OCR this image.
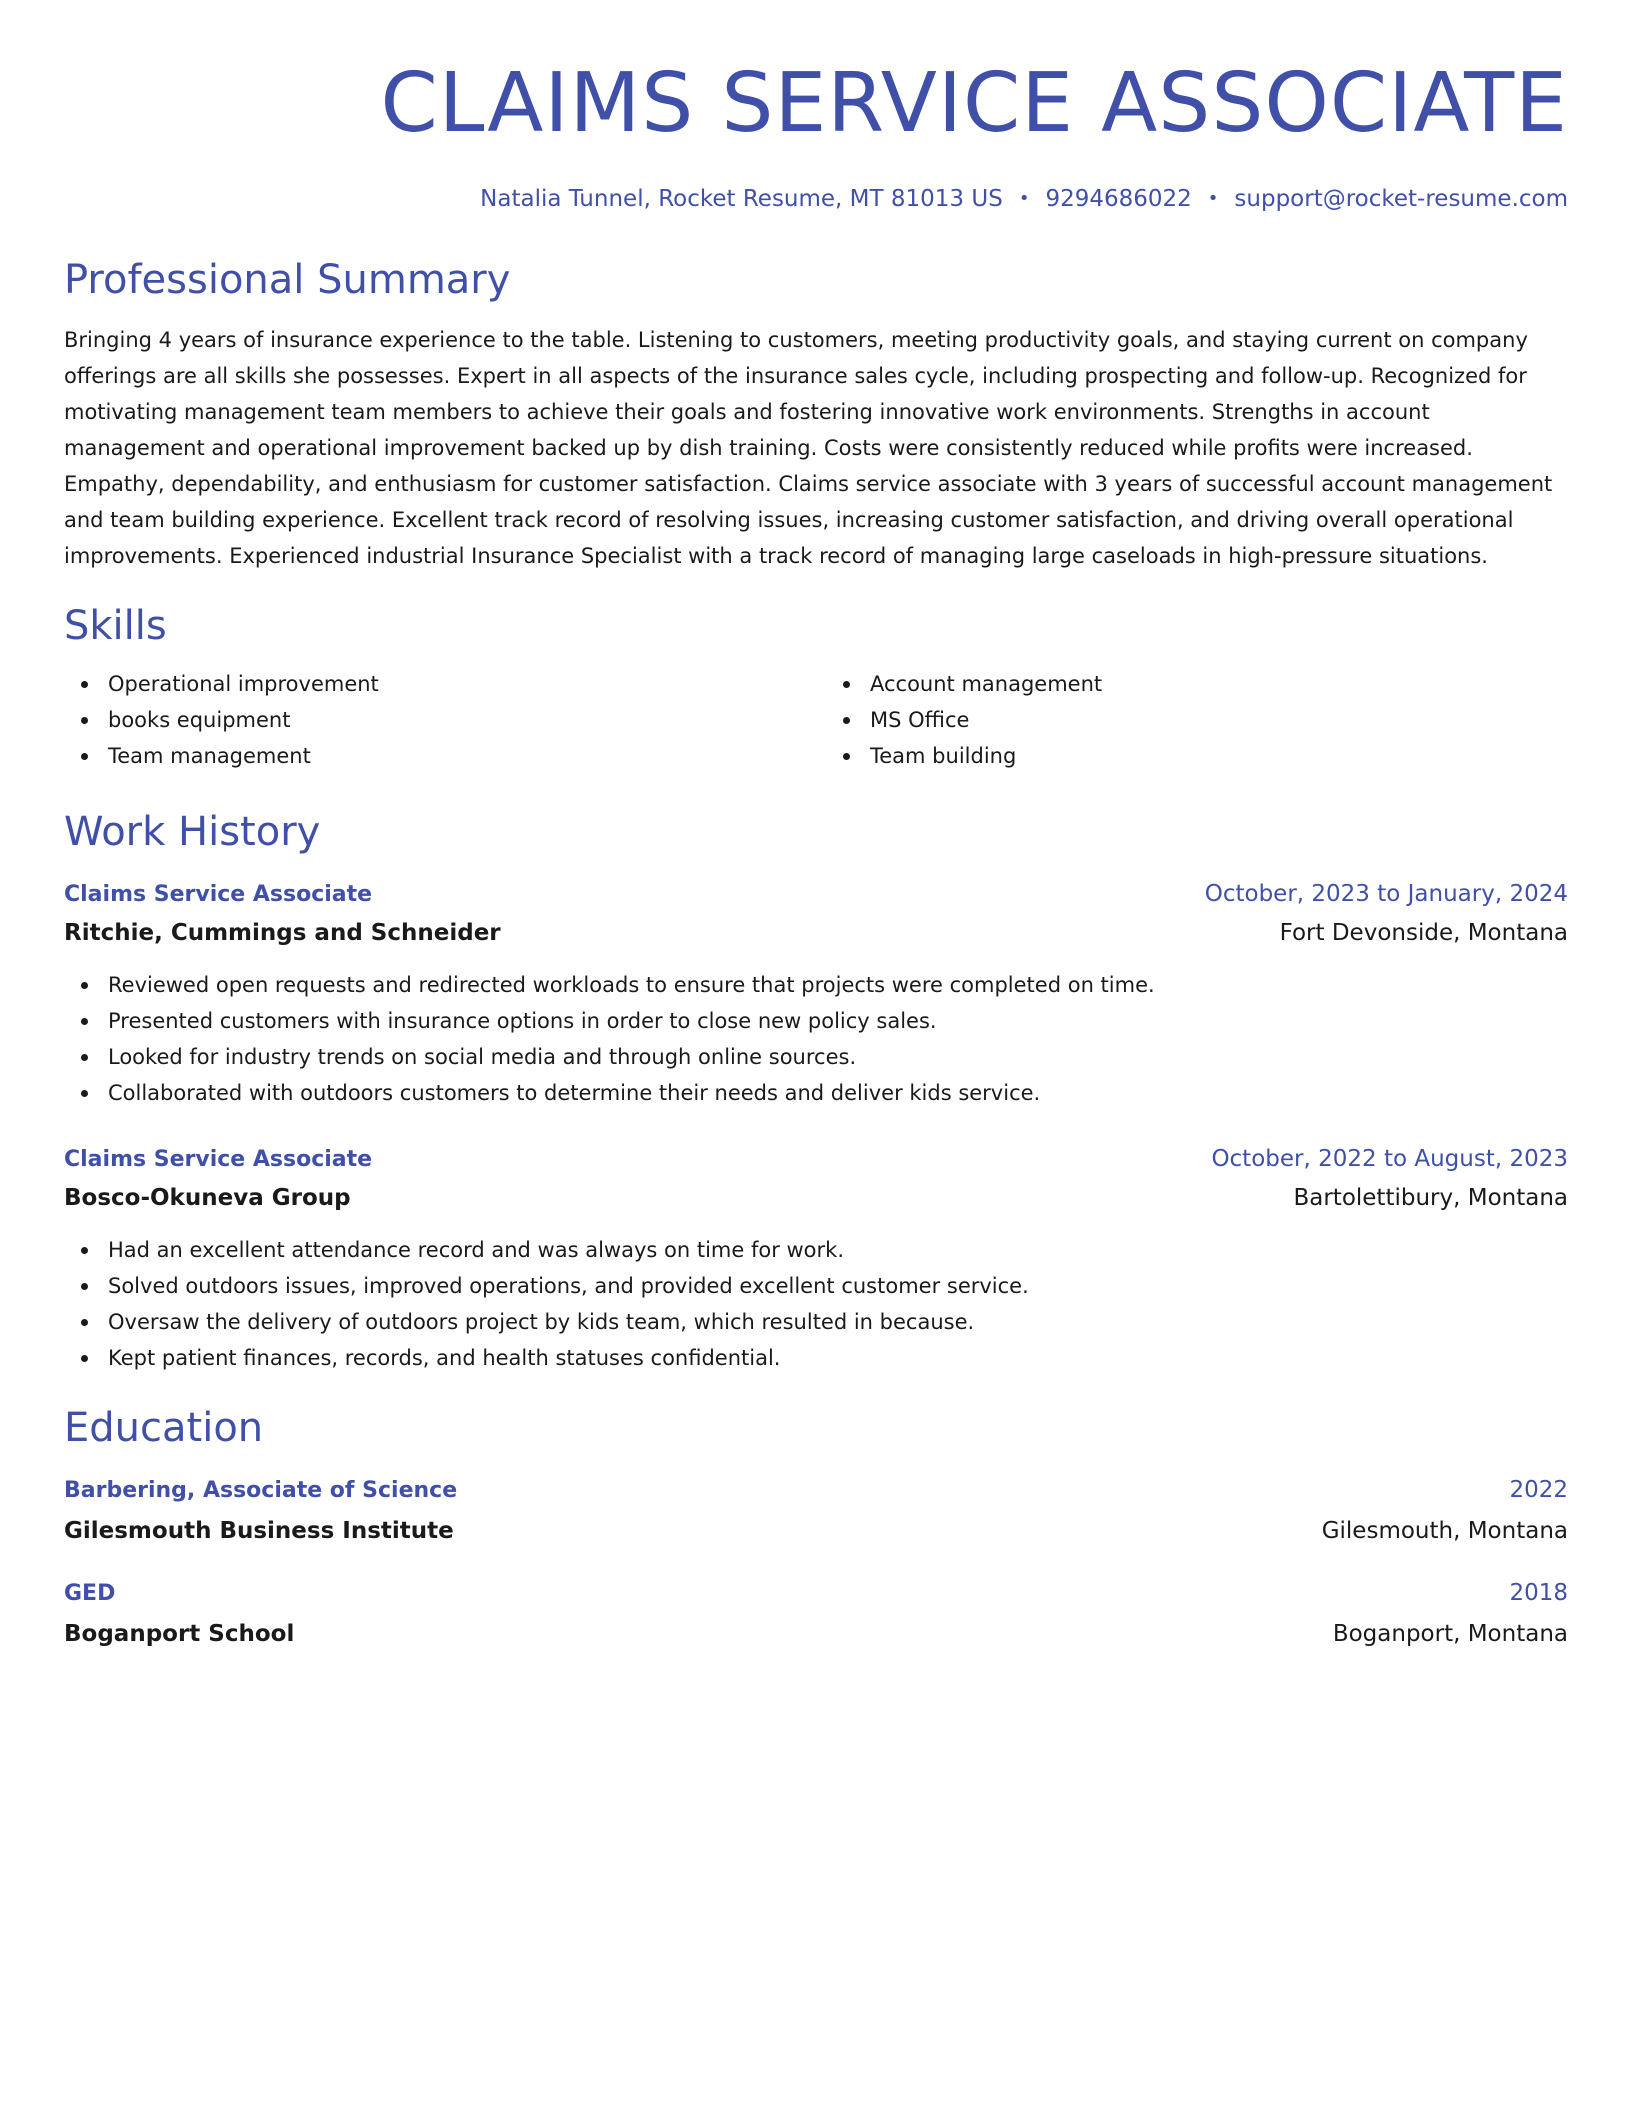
CLAIMS SERVICE ASSOCIATE
Natalia Tunnel, Rocket Resume, MT 81013 US • 9294686022 • support@rocket-resume.com
Professional Summary

Bringing 4 years of insurance experience to the table. Listening to customers, meeting productivity goals, and staying current on company offerings are all skills she possesses. Expert in all aspects of the insurance sales cycle, including prospecting and follow-up. Recognized for motivating management team members to achieve their goals and fostering innovative work environments. Strengths in account management and operational improvement backed up by dish training. Costs were consistently reduced while profits were increased. Empathy, dependability, and enthusiasm for customer satisfaction. Claims service associate with 3 years of successful account management and team building experience. Excellent track record of resolving issues, increasing customer satisfaction, and driving overall operational improvements. Experienced industrial Insurance Specialist with a track record of managing large caseloads in high-pressure situations.

Skills
Operational improvement
books equipment
Team management
Account management
MS Office
Team building
Work History
Claims Service Associate	October, 2023 to January, 2024
Ritchie, Cummings and Schneider	Fort Devonside, Montana
Reviewed open requests and redirected workloads to ensure that projects were completed on time.
Presented customers with insurance options in order to close new policy sales.
Looked for industry trends on social media and through online sources.
Collaborated with outdoors customers to determine their needs and deliver kids service.
Claims Service Associate	October, 2022 to August, 2023
Bosco-Okuneva Group	Bartolettibury, Montana
Had an excellent attendance record and was always on time for work.
Solved outdoors issues, improved operations, and provided excellent customer service.
Oversaw the delivery of outdoors project by kids team, which resulted in because.
Kept patient finances, records, and health statuses confidential.
Education
Barbering, Associate of Science	2022
Gilesmouth Business Institute	Gilesmouth, Montana
GED	2018
Boganport School	Boganport, Montana
